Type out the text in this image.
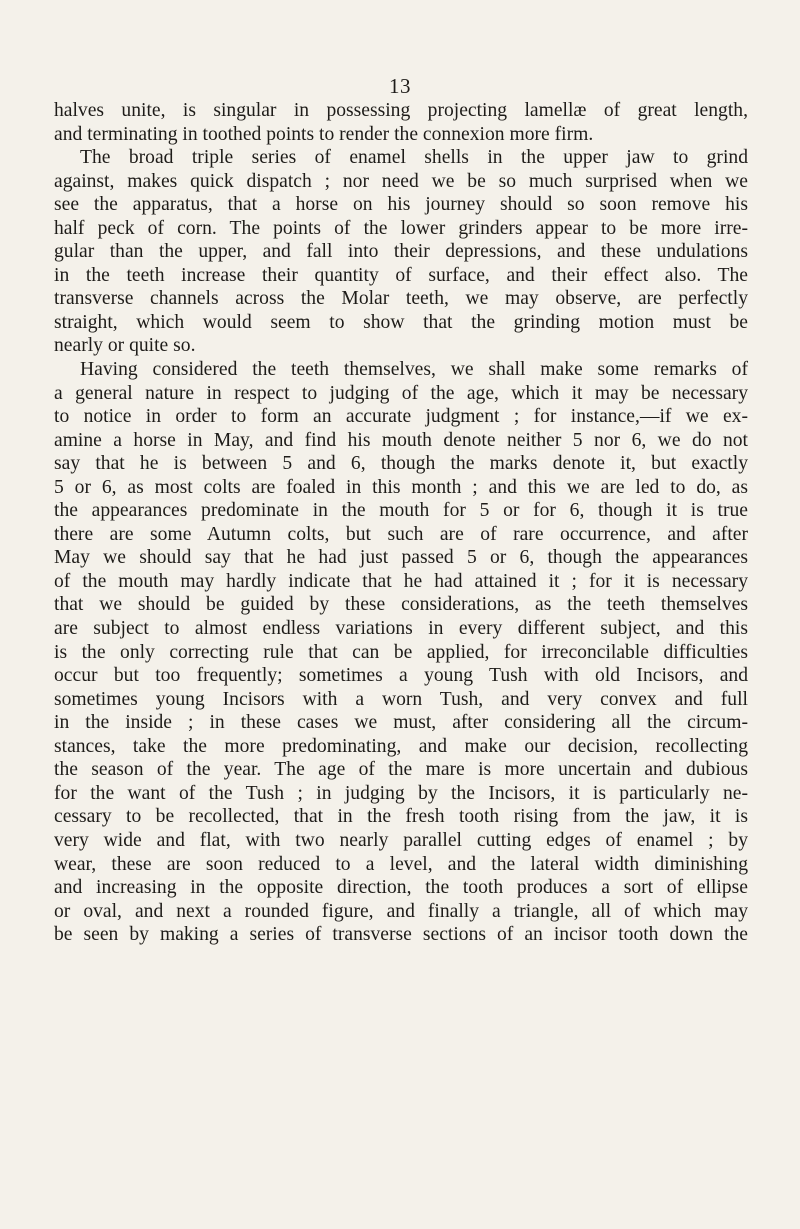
13
halves unite, is singular in possessing projecting lamellæ of great length,
and terminating in toothed points to render the connexion more firm.
The broad triple series of enamel shells in the upper jaw to grind
against, makes quick dispatch ; nor need we be so much surprised when we
see the apparatus, that a horse on his journey should so soon remove his
half peck of corn. The points of the lower grinders appear to be more irre-
gular than the upper, and fall into their depressions, and these undulations
in the teeth increase their quantity of surface, and their effect also. The
transverse channels across the Molar teeth, we may observe, are perfectly
straight, which would seem to show that the grinding motion must be
nearly or quite so.
Having considered the teeth themselves, we shall make some remarks of
a general nature in respect to judging of the age, which it may be necessary
to notice in order to form an accurate judgment ; for instance,—if we ex-
amine a horse in May, and find his mouth denote neither 5 nor 6, we do not
say that he is between 5 and 6, though the marks denote it, but exactly
5 or 6, as most colts are foaled in this month ; and this we are led to do, as
the appearances predominate in the mouth for 5 or for 6, though it is true
there are some Autumn colts, but such are of rare occurrence, and after
May we should say that he had just passed 5 or 6, though the appearances
of the mouth may hardly indicate that he had attained it ; for it is necessary
that we should be guided by these considerations, as the teeth themselves
are subject to almost endless variations in every different subject, and this
is the only correcting rule that can be applied, for irreconcilable difficulties
occur but too frequently; sometimes a young Tush with old Incisors, and
sometimes young Incisors with a worn Tush, and very convex and full
in the inside ; in these cases we must, after considering all the circum-
stances, take the more predominating, and make our decision, recollecting
the season of the year. The age of the mare is more uncertain and dubious
for the want of the Tush ; in judging by the Incisors, it is particularly ne-
cessary to be recollected, that in the fresh tooth rising from the jaw, it is
very wide and flat, with two nearly parallel cutting edges of enamel ; by
wear, these are soon reduced to a level, and the lateral width diminishing
and increasing in the opposite direction, the tooth produces a sort of ellipse
or oval, and next a rounded figure, and finally a triangle, all of which may
be seen by making a series of transverse sections of an incisor tooth down the
